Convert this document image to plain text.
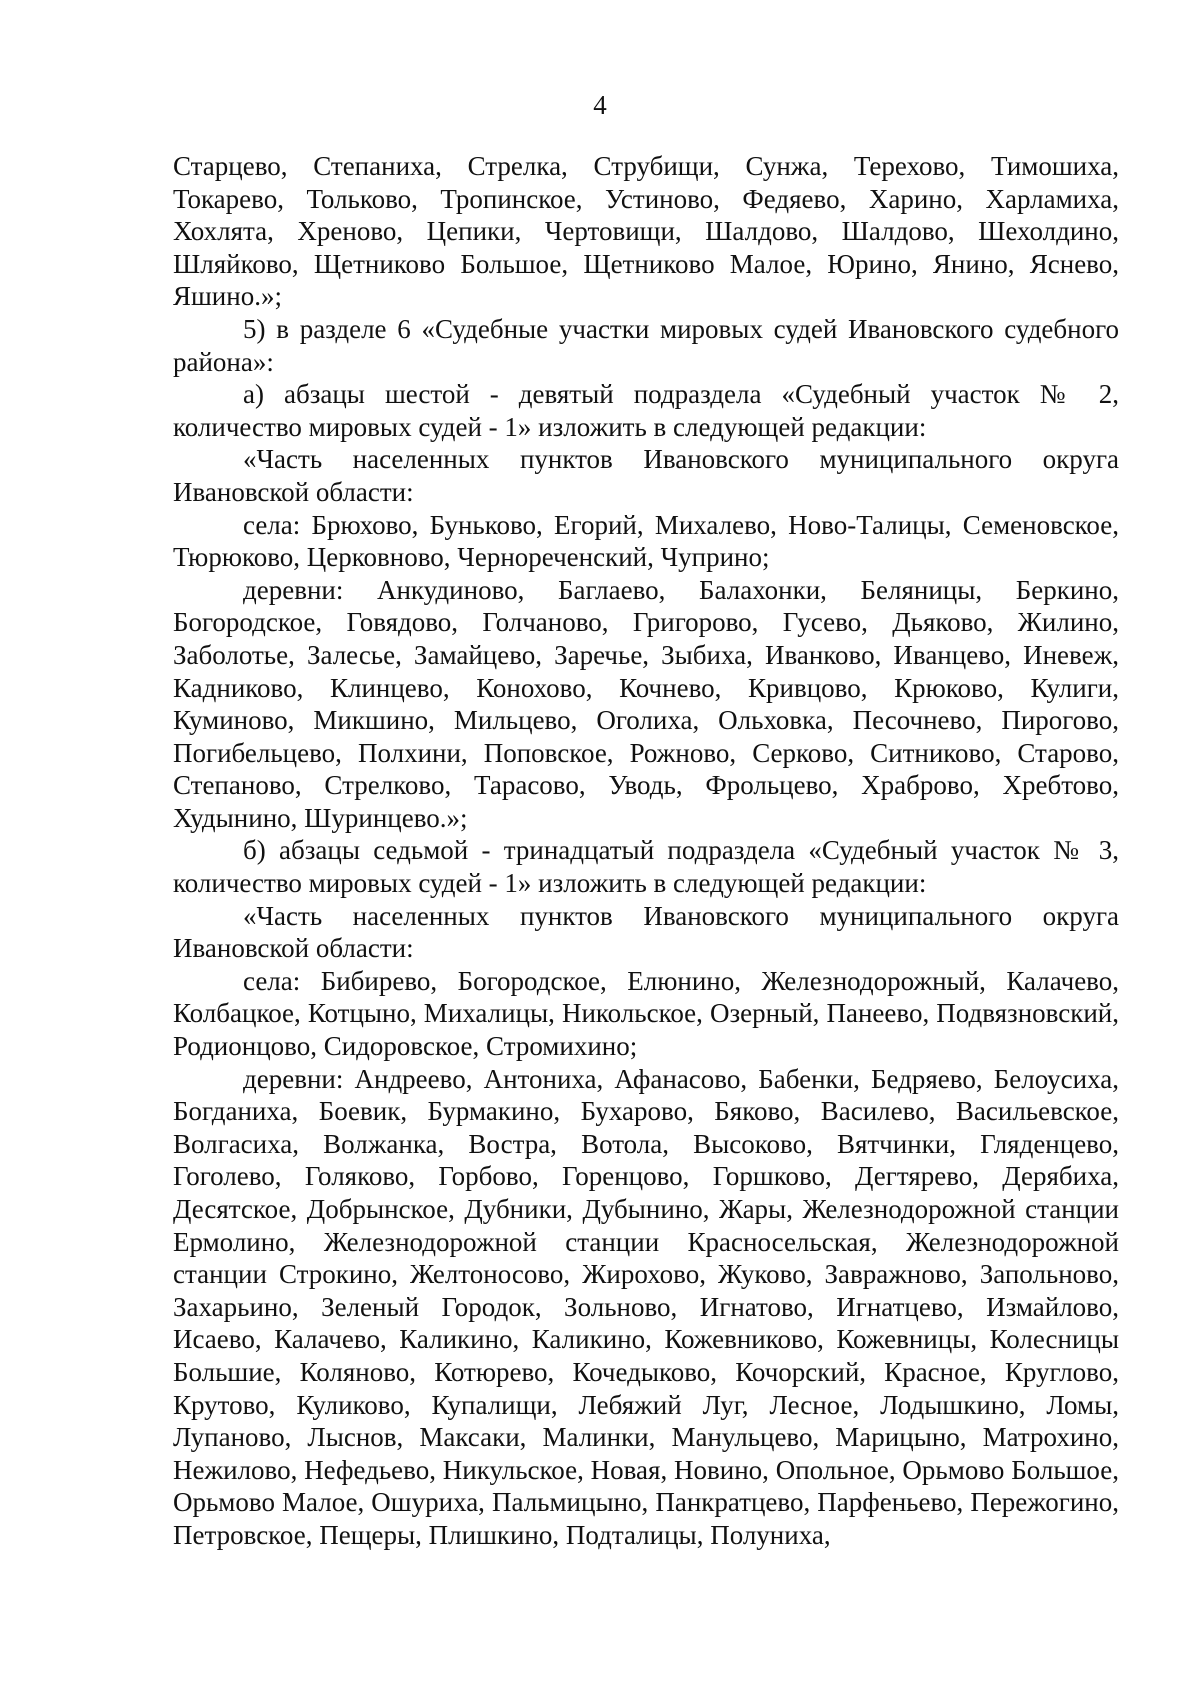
4

Старцево, Степаниха, Стрелка, Струбищи, Сунжа, Терехово, Тимошиха, Токарево, Тольково, Тропинское, Устиново, Федяево, Харино, Харламиха, Хохлята, Хреново, Цепики, Чертовищи, Шалдово, Шалдово, Шехолдино, Шляйково, Щетниково Большое, Щетниково Малое, Юрино, Янино, Яснево, Яшино.»;

5) в разделе 6 «Судебные участки мировых судей Ивановского судебного района»:

а) абзацы шестой - девятый подраздела «Судебный участок № 2, количество мировых судей - 1» изложить в следующей редакции:

«Часть населенных пунктов Ивановского муниципального округа Ивановской области:

села: Брюхово, Буньково, Егорий, Михалево, Ново-Талицы, Семеновское, Тюрюково, Церковново, Чернореченский, Чуприно;

деревни: Анкудиново, Баглаево, Балахонки, Беляницы, Беркино, Богородское, Говядово, Голчаново, Григорово, Гусево, Дьяково, Жилино, Заболотье, Залесье, Замайцево, Заречье, Зыбиха, Иванково, Иванцево, Иневеж, Кадниково, Клинцево, Конохово, Кочнево, Кривцово, Крюково, Кулиги, Куминово, Микшино, Мильцево, Оголиха, Ольховка, Песочнево, Пирогово, Погибельцево, Полхини, Поповское, Рожново, Серково, Ситниково, Старово, Степаново, Стрелково, Тарасово, Уводь, Фрольцево, Храброво, Хребтово, Худынино, Шуринцево.»;

б) абзацы седьмой - тринадцатый подраздела «Судебный участок № 3, количество мировых судей - 1» изложить в следующей редакции:

«Часть населенных пунктов Ивановского муниципального округа Ивановской области:

села: Бибирево, Богородское, Елюнино, Железнодорожный, Калачево, Колбацкое, Котцыно, Михалицы, Никольское, Озерный, Панеево, Подвязновский, Родионцово, Сидоровское, Стромихино;

деревни: Андреево, Антониха, Афанасово, Бабенки, Бедряево, Белоусиха, Богданиха, Боевик, Бурмакино, Бухарово, Бяково, Василево, Васильевское, Волгасиха, Волжанка, Востра, Вотола, Высоково, Вятчинки, Гляденцево, Гоголево, Голяково, Горбово, Горенцово, Горшково, Дегтярево, Дерябиха, Десятское, Добрынское, Дубники, Дубынино, Жары, Железнодорожной станции Ермолино, Железнодорожной станции Красносельская, Железнодорожной станции Строкино, Желтоносово, Жирохово, Жуково, Завражново, Запольново, Захарьино, Зеленый Городок, Зольново, Игнатово, Игнатцево, Измайлово, Исаево, Калачево, Каликино, Каликино, Кожевниково, Кожевницы, Колесницы Большие, Коляново, Котюрево, Кочедыково, Кочорский, Красное, Круглово, Крутово, Куликово, Купалищи, Лебяжий Луг, Лесное, Лодышкино, Ломы, Лупаново, Лыснов, Максаки, Малинки, Манульцево, Марицыно, Матрохино, Нежилово, Нефедьево, Никульское, Новая, Новино, Опольное, Орьмово Большое, Орьмово Малое, Ошуриха, Пальмицыно, Панкратцево, Парфеньево, Пережогино, Петровское, Пещеры, Плишкино, Подталицы, Полуниха,
